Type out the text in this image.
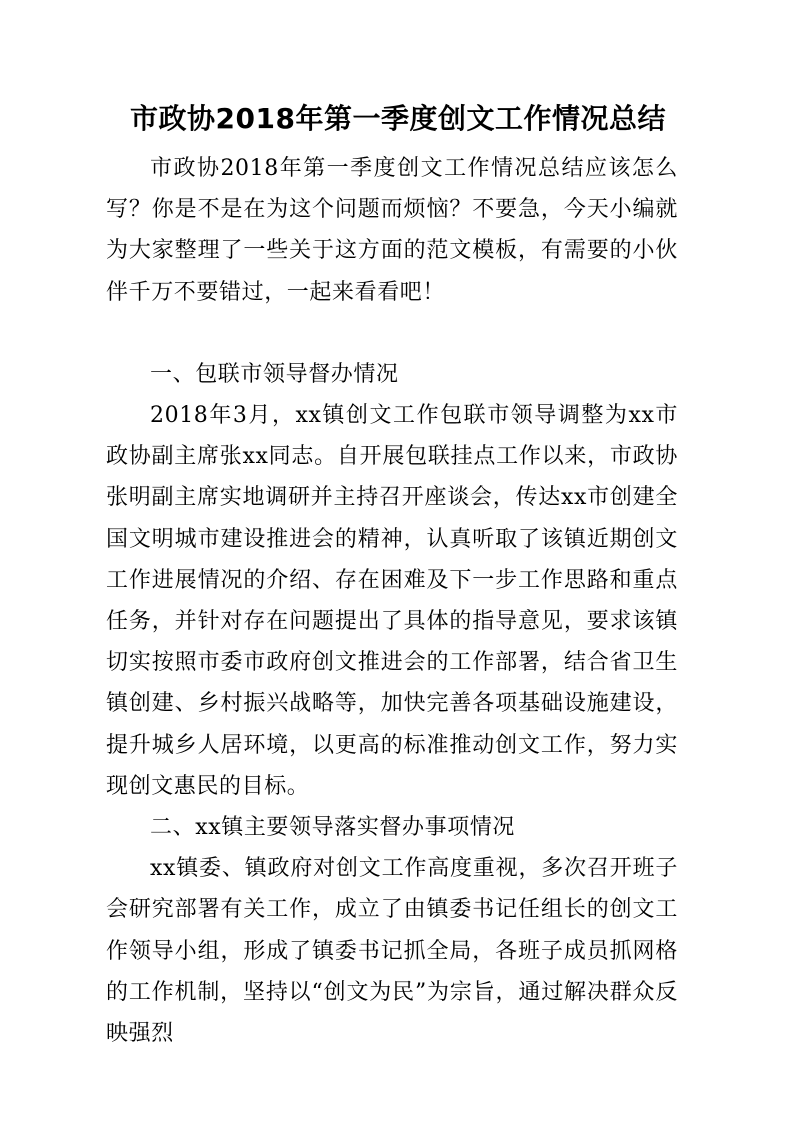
市政协2018年第一季度创文工作情况总结

市政协2018年第一季度创文工作情况总结应该怎么写？你是不是在为这个问题而烦恼？不要急，今天小编就为大家整理了一些关于这方面的范文模板，有需要的小伙伴千万不要错过，一起来看看吧！

一、包联市领导督办情况

2018年3月，xx镇创文工作包联市领导调整为xx市政协副主席张xx同志。自开展包联挂点工作以来，市政协张明副主席实地调研并主持召开座谈会，传达xx市创建全国文明城市建设推进会的精神，认真听取了该镇近期创文工作进展情况的介绍、存在困难及下一步工作思路和重点任务，并针对存在问题提出了具体的指导意见，要求该镇切实按照市委市政府创文推进会的工作部署，结合省卫生镇创建、乡村振兴战略等，加快完善各项基础设施建设，提升城乡人居环境，以更高的标准推动创文工作，努力实现创文惠民的目标。

二、xx镇主要领导落实督办事项情况

xx镇委、镇政府对创文工作高度重视，多次召开班子会研究部署有关工作，成立了由镇委书记任组长的创文工作领导小组，形成了镇委书记抓全局，各班子成员抓网格的工作机制，坚持以“创文为民”为宗旨，通过解决群众反映强烈
